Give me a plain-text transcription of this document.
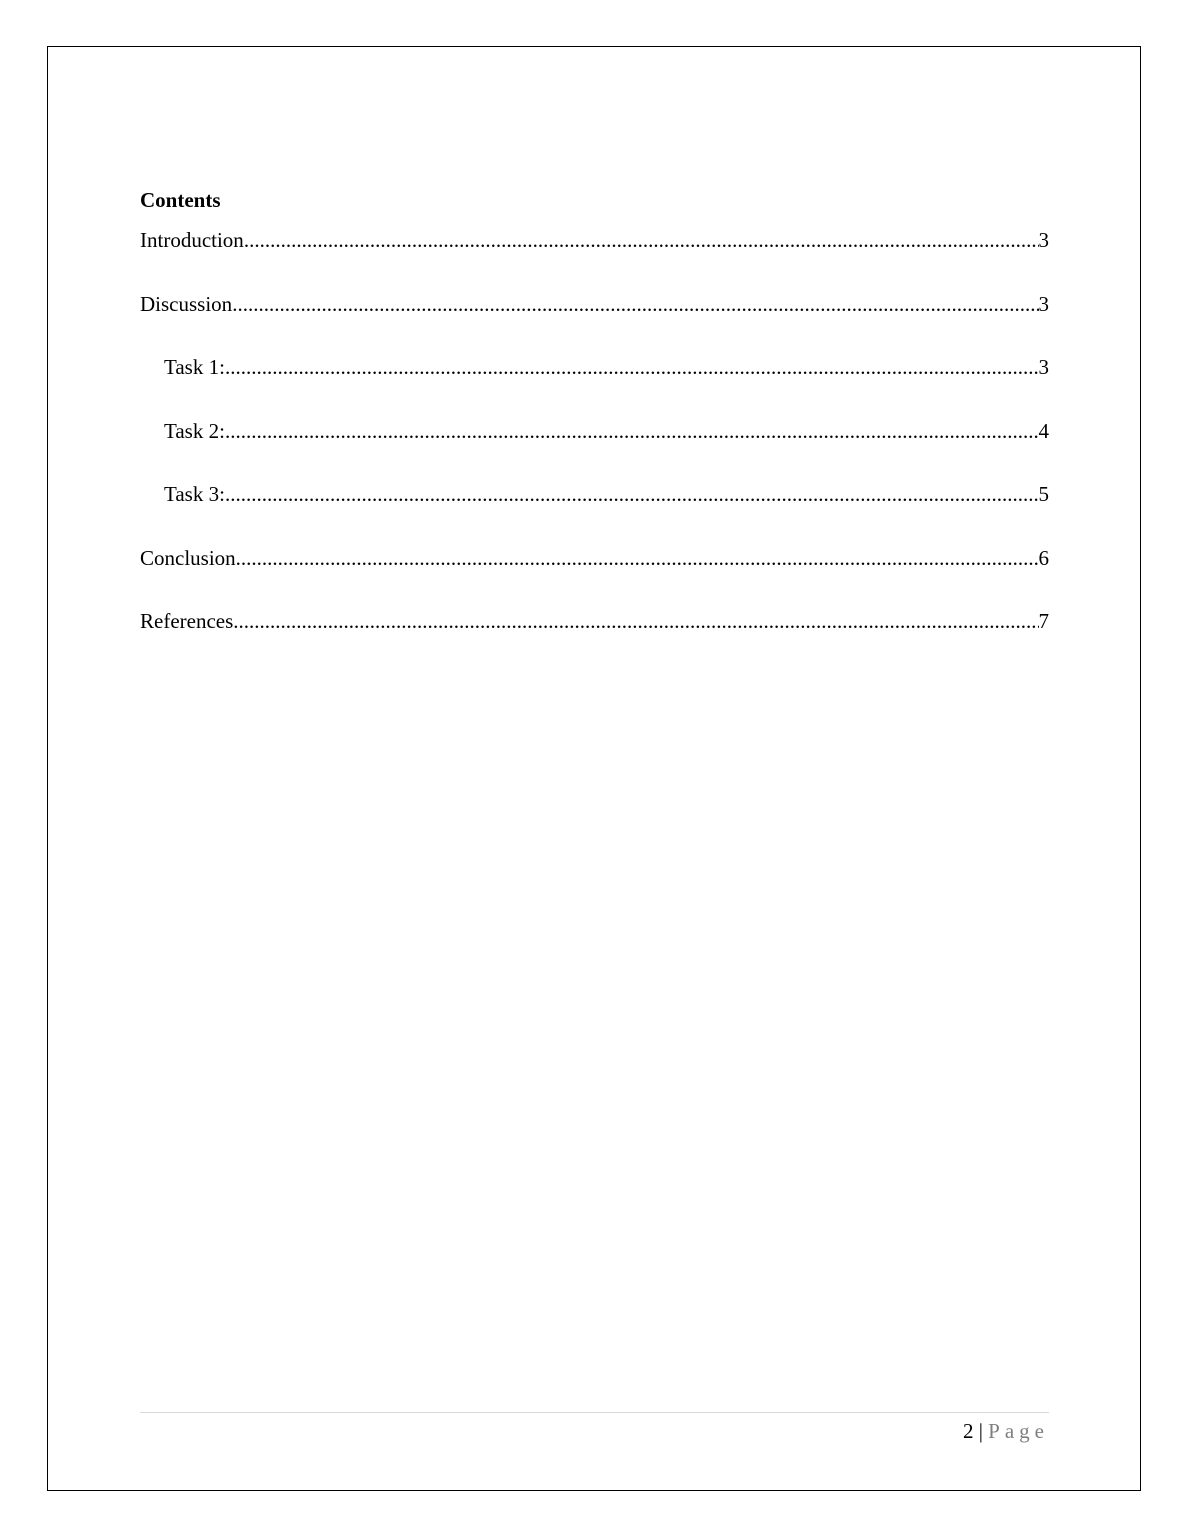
Contents
Introduction .....	3
Discussion .....	3
Task 1: .....	3
Task 2: .....	4
Task 3: .....	5
Conclusion .....	6
References .....	7
2 | Page
